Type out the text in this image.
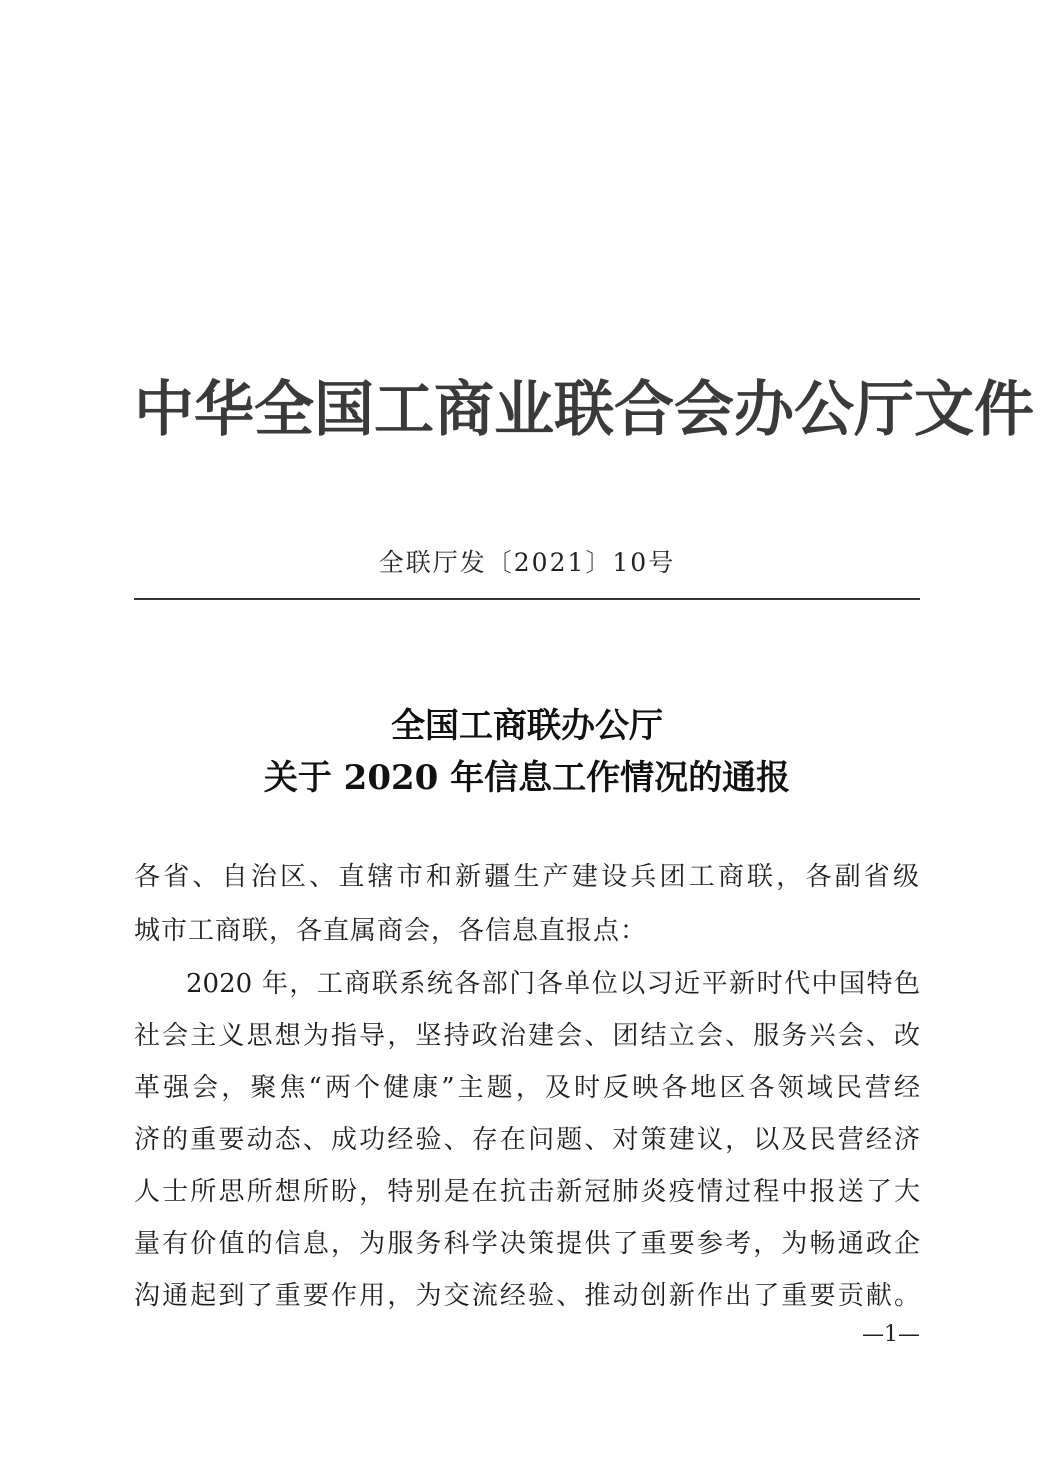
中华全国工商业联合会办公厅文件
全联厅发〔2021〕10号
全国工商联办公厅
关于 2020 年信息工作情况的通报
各省、自治区、直辖市和新疆生产建设兵团工商联，各副省级
城市工商联，各直属商会，各信息直报点：
2020 年，工商联系统各部门各单位以习近平新时代中国特色
社会主义思想为指导，坚持政治建会、团结立会、服务兴会、改
革强会，聚焦“两个健康”主题，及时反映各地区各领域民营经
济的重要动态、成功经验、存在问题、对策建议，以及民营经济
人士所思所想所盼，特别是在抗击新冠肺炎疫情过程中报送了大
量有价值的信息，为服务科学决策提供了重要参考，为畅通政企
沟通起到了重要作用，为交流经验、推动创新作出了重要贡献。
—1—
